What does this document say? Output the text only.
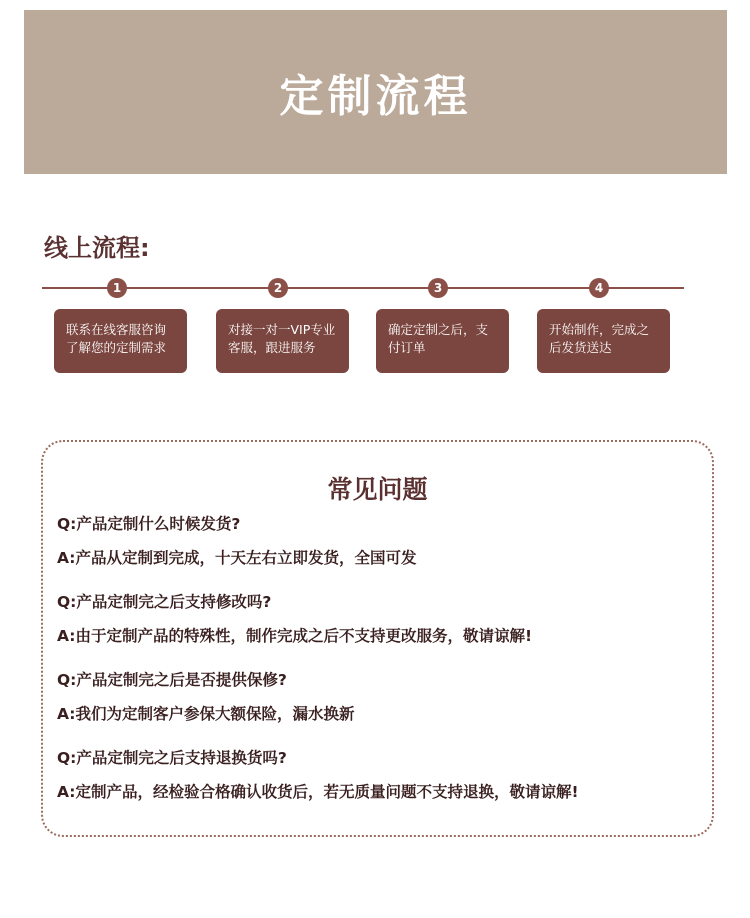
定制流程
线上流程:
1	2	3	4
联系在线客服咨询了解您的定制需求
对接一对一VIP专业客服，跟进服务
确定定制之后，支付订单
开始制作，完成之后发货送达
常见问题
Q:产品定制什么时候发货?
A:产品从定制到完成，十天左右立即发货，全国可发
Q:产品定制完之后支持修改吗?
A:由于定制产品的特殊性，制作完成之后不支持更改服务，敬请谅解!
Q:产品定制完之后是否提供保修?
A:我们为定制客户参保大额保险，漏水换新
Q:产品定制完之后支持退换货吗?
A:定制产品，经检验合格确认收货后，若无质量问题不支持退换，敬请谅解!
